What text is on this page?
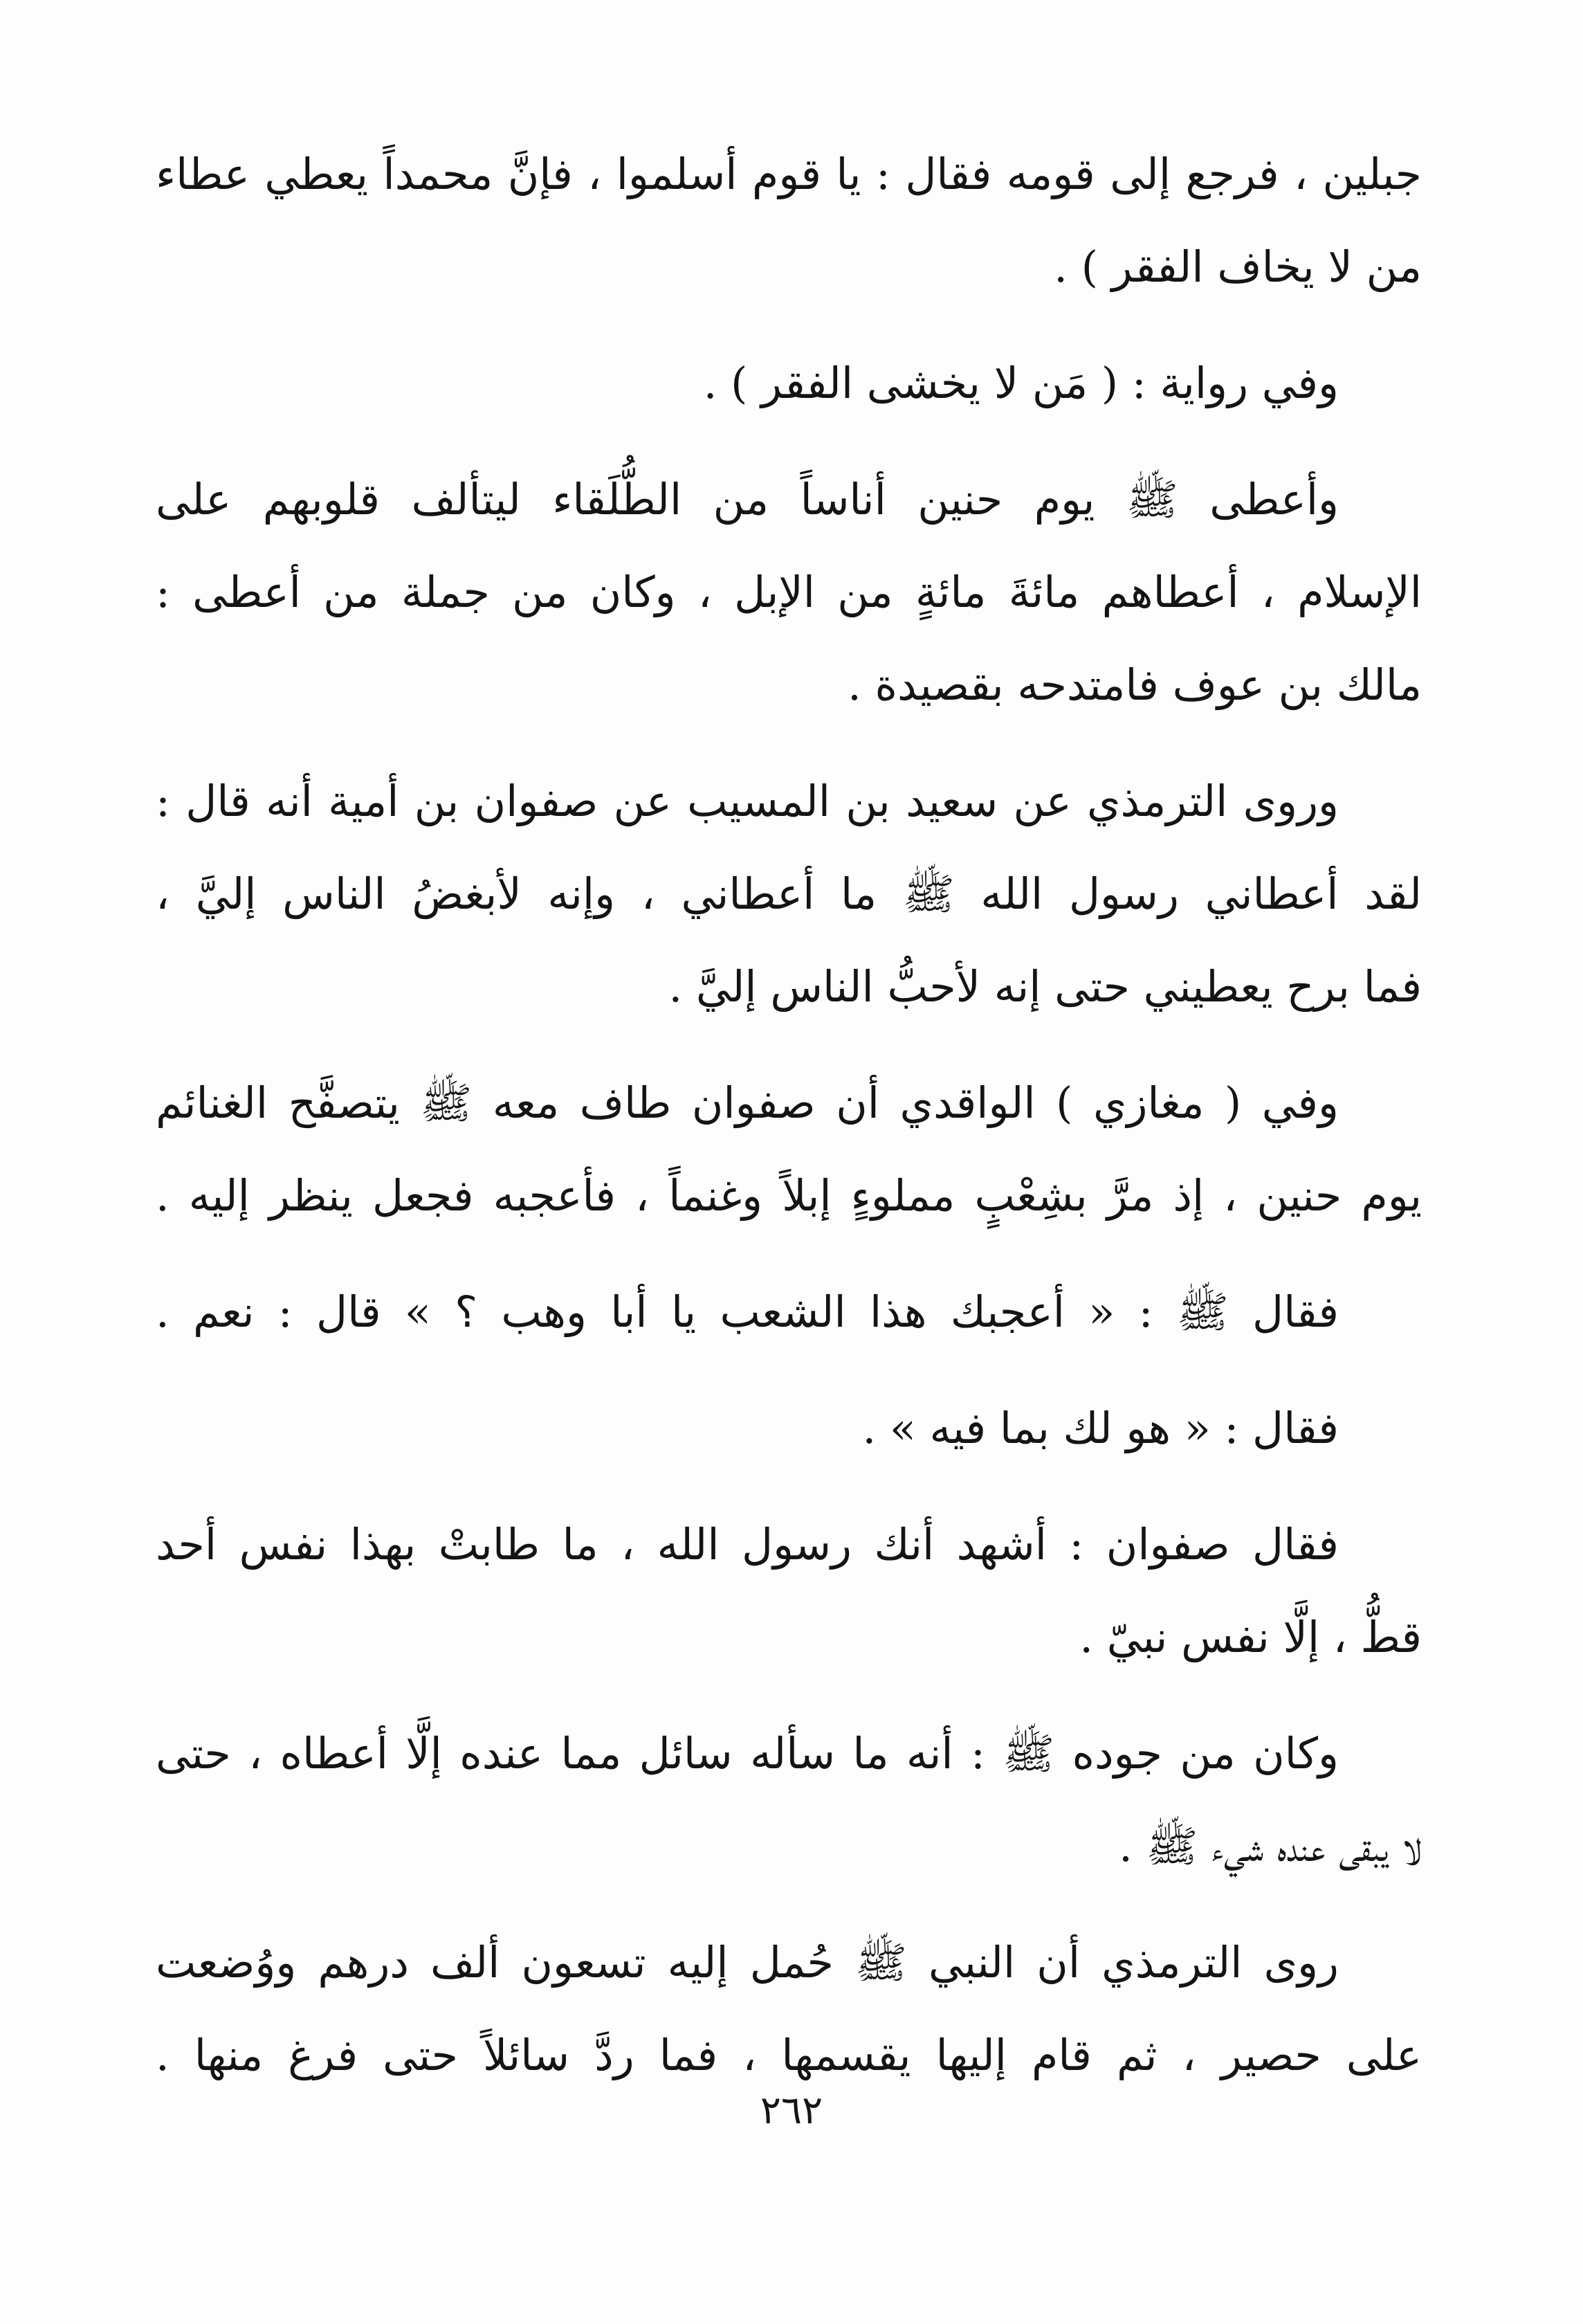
جبلين ، فرجع إلى قومه فقال : يا قوم أسلموا ، فإنَّ محمداً يعطي عطاء
من لا يخاف الفقر ) .
وفي رواية : ( مَن لا يخشى الفقر ) .
وأعطى ﷺ يوم حنين أناساً من الطُّلَقاء ليتألف قلوبهم على
الإسلام ، أعطاهم مائةَ مائةٍ من الإبل ، وكان من جملة من أعطى :
مالك بن عوف فامتدحه بقصيدة .
وروى الترمذي عن سعيد بن المسيب عن صفوان بن أمية أنه قال :
لقد أعطاني رسول الله ﷺ ما أعطاني ، وإنه لأبغضُ الناس إليَّ ،
فما برح يعطيني حتى إنه لأحبُّ الناس إليَّ .
وفي ( مغازي ) الواقدي أن صفوان طاف معه ﷺ يتصفَّح الغنائم
يوم حنين ، إذ مرَّ بشِعْبٍ مملوءٍ إبلاً وغنماً ، فأعجبه فجعل ينظر إليه .
فقال ﷺ : « أعجبك هذا الشعب يا أبا وهب ؟ » قال : نعم .
فقال : « هو لك بما فيه » .
فقال صفوان : أشهد أنك رسول الله ، ما طابتْ بهذا نفس أحد
قطُّ ، إلَّا نفس نبيّ .
وكان من جوده ﷺ : أنه ما سأله سائل مما عنده إلَّا أعطاه ، حتى
لا يبقى عنده شيء ﷺ .
روى الترمذي أن النبي ﷺ حُمل إليه تسعون ألف درهم ووُضعت
على حصير ، ثم قام إليها يقسمها ، فما ردَّ سائلاً حتى فرغ منها .
٢٦٢
